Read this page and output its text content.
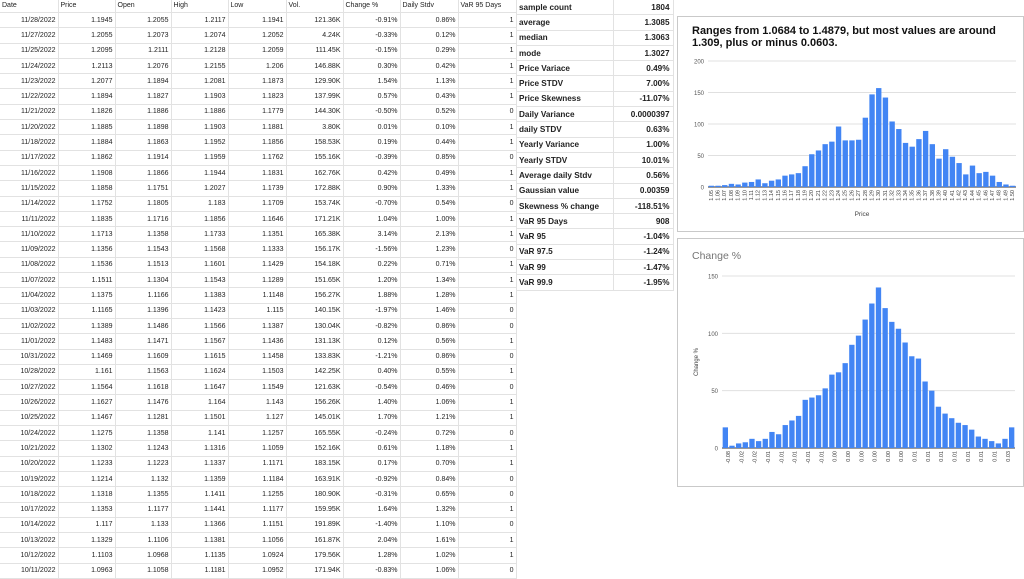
Date	Price	Open	High	Low	Vol.	Change %	Daily Stdv	VaR 95 Days
11/28/2022	1.1945	1.2055	1.2117	1.1941	121.36K	-0.91%	0.86%	1
11/27/2022	1.2055	1.2073	1.2074	1.2052	4.24K	-0.33%	0.12%	1
11/25/2022	1.2095	1.2111	1.2128	1.2059	111.45K	-0.15%	0.29%	1
11/24/2022	1.2113	1.2076	1.2155	1.206	146.88K	0.30%	0.42%	1
11/23/2022	1.2077	1.1894	1.2081	1.1873	129.90K	1.54%	1.13%	1
11/22/2022	1.1894	1.1827	1.1903	1.1823	137.99K	0.57%	0.43%	1
11/21/2022	1.1826	1.1886	1.1886	1.1779	144.30K	-0.50%	0.52%	0
11/20/2022	1.1885	1.1898	1.1903	1.1881	3.80K	0.01%	0.10%	1
11/18/2022	1.1884	1.1863	1.1952	1.1856	158.53K	0.19%	0.44%	1
11/17/2022	1.1862	1.1914	1.1959	1.1762	155.16K	-0.39%	0.85%	0
11/16/2022	1.1908	1.1866	1.1944	1.1831	162.76K	0.42%	0.49%	1
11/15/2022	1.1858	1.1751	1.2027	1.1739	172.88K	0.90%	1.33%	1
11/14/2022	1.1752	1.1805	1.183	1.1709	153.74K	-0.70%	0.54%	0
11/11/2022	1.1835	1.1716	1.1856	1.1646	171.21K	1.04%	1.00%	1
11/10/2022	1.1713	1.1358	1.1733	1.1351	165.38K	3.14%	2.13%	1
11/09/2022	1.1356	1.1543	1.1568	1.1333	156.17K	-1.56%	1.23%	0
11/08/2022	1.1536	1.1513	1.1601	1.1429	154.18K	0.22%	0.71%	1
11/07/2022	1.1511	1.1304	1.1543	1.1289	151.65K	1.20%	1.34%	1
11/04/2022	1.1375	1.1166	1.1383	1.1148	156.27K	1.88%	1.28%	1
11/03/2022	1.1165	1.1396	1.1423	1.115	140.15K	-1.97%	1.46%	0
11/02/2022	1.1389	1.1486	1.1566	1.1387	130.04K	-0.82%	0.86%	0
11/01/2022	1.1483	1.1471	1.1567	1.1436	131.13K	0.12%	0.56%	1
10/31/2022	1.1469	1.1609	1.1615	1.1458	133.83K	-1.21%	0.86%	0
10/28/2022	1.161	1.1563	1.1624	1.1503	142.25K	0.40%	0.55%	1
10/27/2022	1.1564	1.1618	1.1647	1.1549	121.63K	-0.54%	0.46%	0
10/26/2022	1.1627	1.1476	1.164	1.143	156.26K	1.40%	1.06%	1
10/25/2022	1.1467	1.1281	1.1501	1.127	145.01K	1.70%	1.21%	1
10/24/2022	1.1275	1.1358	1.141	1.1257	165.55K	-0.24%	0.72%	0
10/21/2022	1.1302	1.1243	1.1316	1.1059	152.16K	0.61%	1.18%	1
10/20/2022	1.1233	1.1223	1.1337	1.1171	183.15K	0.17%	0.70%	1
10/19/2022	1.1214	1.132	1.1359	1.1184	163.91K	-0.92%	0.84%	0
10/18/2022	1.1318	1.1355	1.1411	1.1255	180.90K	-0.31%	0.65%	0
10/17/2022	1.1353	1.1177	1.1441	1.1177	159.95K	1.64%	1.32%	1
10/14/2022	1.117	1.133	1.1366	1.1151	191.89K	-1.40%	1.10%	0
10/13/2022	1.1329	1.1106	1.1381	1.1056	161.87K	2.04%	1.61%	1
10/12/2022	1.1103	1.0968	1.1135	1.0924	179.56K	1.28%	1.02%	1
10/11/2022	1.0963	1.1058	1.1181	1.0952	171.94K	-0.83%	1.06%	0
sample count	1804
average	1.3085
median	1.3063
mode	1.3027
Price Variace	0.49%
Price STDV	7.00%
Price Skewness	-11.07%
Daily Variance	0.0000397
daily STDV	0.63%
Yearly Variance	1.00%
Yearly STDV	10.01%
Average daily Stdv	0.56%
Gaussian value	0.00359
Skewness % change	-118.51%
VaR 95 Days	908
VaR 95	-1.04%
VaR 97.5	-1.24%
VaR 99	-1.47%
VaR 99.9	-1.95%
Ranges from 1.0684 to 1.4879, but most values are around 1.309, plus or minus 0.0603.
0
50
100
150
200
1.05 1.06 1.07 1.08 1.09 1.10 1.11 1.12 1.13 1.14 1.15 1.16 1.17 1.18 1.19 1.20 1.21 1.22 1.23 1.24 1.25 1.26 1.27 1.28 1.29 1.30 1.31 1.32 1.33 1.34 1.35 1.36 1.37 1.38 1.39 1.40 1.41 1.42 1.43 1.44 1.45 1.46 1.47 1.48 1.49 1.50
Price
Change %
0
50
100
150
-0.08 -0.02 -0.02 -0.01 -0.01 -0.01 -0.01 -0.01 0.00 0.00 0.00 0.00 0.00 0.00 0.01 0.01 0.01 0.01 0.01 0.01 0.01 0.03
Change %
